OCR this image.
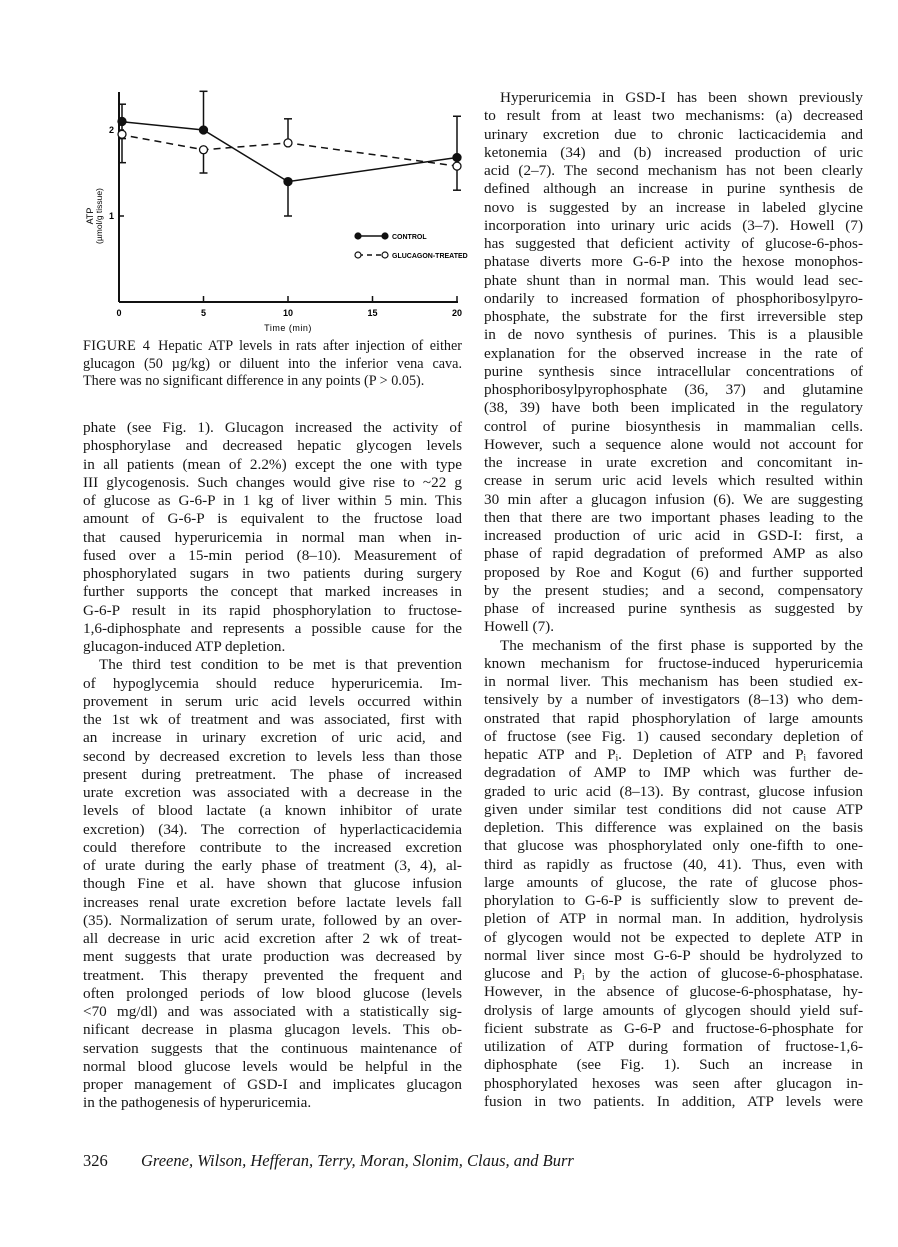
0	5	10	15	20
1
2
Time (min)
ATP (µmol/g tissue)	CONTROL
GLUCAGON-TREATED
FIGURE 4 Hepatic ATP levels in rats after injection of either
glucagon (50 µg/kg) or diluent into the inferior vena cava.
There was no significant difference in any points (P > 0.05).
phate (see Fig. 1). Glucagon increased the activity of
phosphorylase and decreased hepatic glycogen levels
in all patients (mean of 2.2%) except the one with type
III glycogenosis. Such changes would give rise to ~22 g
of glucose as G-6-P in 1 kg of liver within 5 min. This
amount of G-6-P is equivalent to the fructose load
that caused hyperuricemia in normal man when in-
fused over a 15-min period (8–10). Measurement of
phosphorylated sugars in two patients during surgery
further supports the concept that marked increases in
G-6-P result in its rapid phosphorylation to fructose-
1,6-diphosphate and represents a possible cause for the
glucagon-induced ATP depletion.
The third test condition to be met is that prevention
of hypoglycemia should reduce hyperuricemia. Im-
provement in serum uric acid levels occurred within
the 1st wk of treatment and was associated, first with
an increase in urinary excretion of uric acid, and
second by decreased excretion to levels less than those
present during pretreatment. The phase of increased
urate excretion was associated with a decrease in the
levels of blood lactate (a known inhibitor of urate
excretion) (34). The correction of hyperlacticacidemia
could therefore contribute to the increased excretion
of urate during the early phase of treatment (3, 4), al-
though Fine et al. have shown that glucose infusion
increases renal urate excretion before lactate levels fall
(35). Normalization of serum urate, followed by an over-
all decrease in uric acid excretion after 2 wk of treat-
ment suggests that urate production was decreased by
treatment. This therapy prevented the frequent and
often prolonged periods of low blood glucose (levels
<70 mg/dl) and was associated with a statistically sig-
nificant decrease in plasma glucagon levels. This ob-
servation suggests that the continuous maintenance of
normal blood glucose levels would be helpful in the
proper management of GSD-I and implicates glucagon
in the pathogenesis of hyperuricemia.
Hyperuricemia in GSD-I has been shown previously
to result from at least two mechanisms: (a) decreased
urinary excretion due to chronic lacticacidemia and
ketonemia (34) and (b) increased production of uric
acid (2–7). The second mechanism has not been clearly
defined although an increase in purine synthesis de
novo is suggested by an increase in labeled glycine
incorporation into urinary uric acids (3–7). Howell (7)
has suggested that deficient activity of glucose-6-phos-
phatase diverts more G-6-P into the hexose monophos-
phate shunt than in normal man. This would lead sec-
ondarily to increased formation of phosphoribosylpyro-
phosphate, the substrate for the first irreversible step
in de novo synthesis of purines. This is a plausible
explanation for the observed increase in the rate of
purine synthesis since intracellular concentrations of
phosphoribosylpyrophosphate (36, 37) and glutamine
(38, 39) have both been implicated in the regulatory
control of purine biosynthesis in mammalian cells.
However, such a sequence alone would not account for
the increase in urate excretion and concomitant in-
crease in serum uric acid levels which resulted within
30 min after a glucagon infusion (6). We are suggesting
then that there are two important phases leading to the
increased production of uric acid in GSD-I: first, a
phase of rapid degradation of preformed AMP as also
proposed by Roe and Kogut (6) and further supported
by the present studies; and a second, compensatory
phase of increased purine synthesis as suggested by
Howell (7).
The mechanism of the first phase is supported by the
known mechanism for fructose-induced hyperuricemia
in normal liver. This mechanism has been studied ex-
tensively by a number of investigators (8–13) who dem-
onstrated that rapid phosphorylation of large amounts
of fructose (see Fig. 1) caused secondary depletion of
hepatic ATP and Pᵢ. Depletion of ATP and Pᵢ favored
degradation of AMP to IMP which was further de-
graded to uric acid (8–13). By contrast, glucose infusion
given under similar test conditions did not cause ATP
depletion. This difference was explained on the basis
that glucose was phosphorylated only one-fifth to one-
third as rapidly as fructose (40, 41). Thus, even with
large amounts of glucose, the rate of glucose phos-
phorylation to G-6-P is sufficiently slow to prevent de-
pletion of ATP in normal man. In addition, hydrolysis
of glycogen would not be expected to deplete ATP in
normal liver since most G-6-P should be hydrolyzed to
glucose and Pᵢ by the action of glucose-6-phosphatase.
However, in the absence of glucose-6-phosphatase, hy-
drolysis of large amounts of glycogen should yield suf-
ficient substrate as G-6-P and fructose-6-phosphate for
utilization of ATP during formation of fructose-1,6-
diphosphate (see Fig. 1). Such an increase in
phosphorylated hexoses was seen after glucagon in-
fusion in two patients. In addition, ATP levels were
326 Greene, Wilson, Hefferan, Terry, Moran, Slonim, Claus, and Burr
